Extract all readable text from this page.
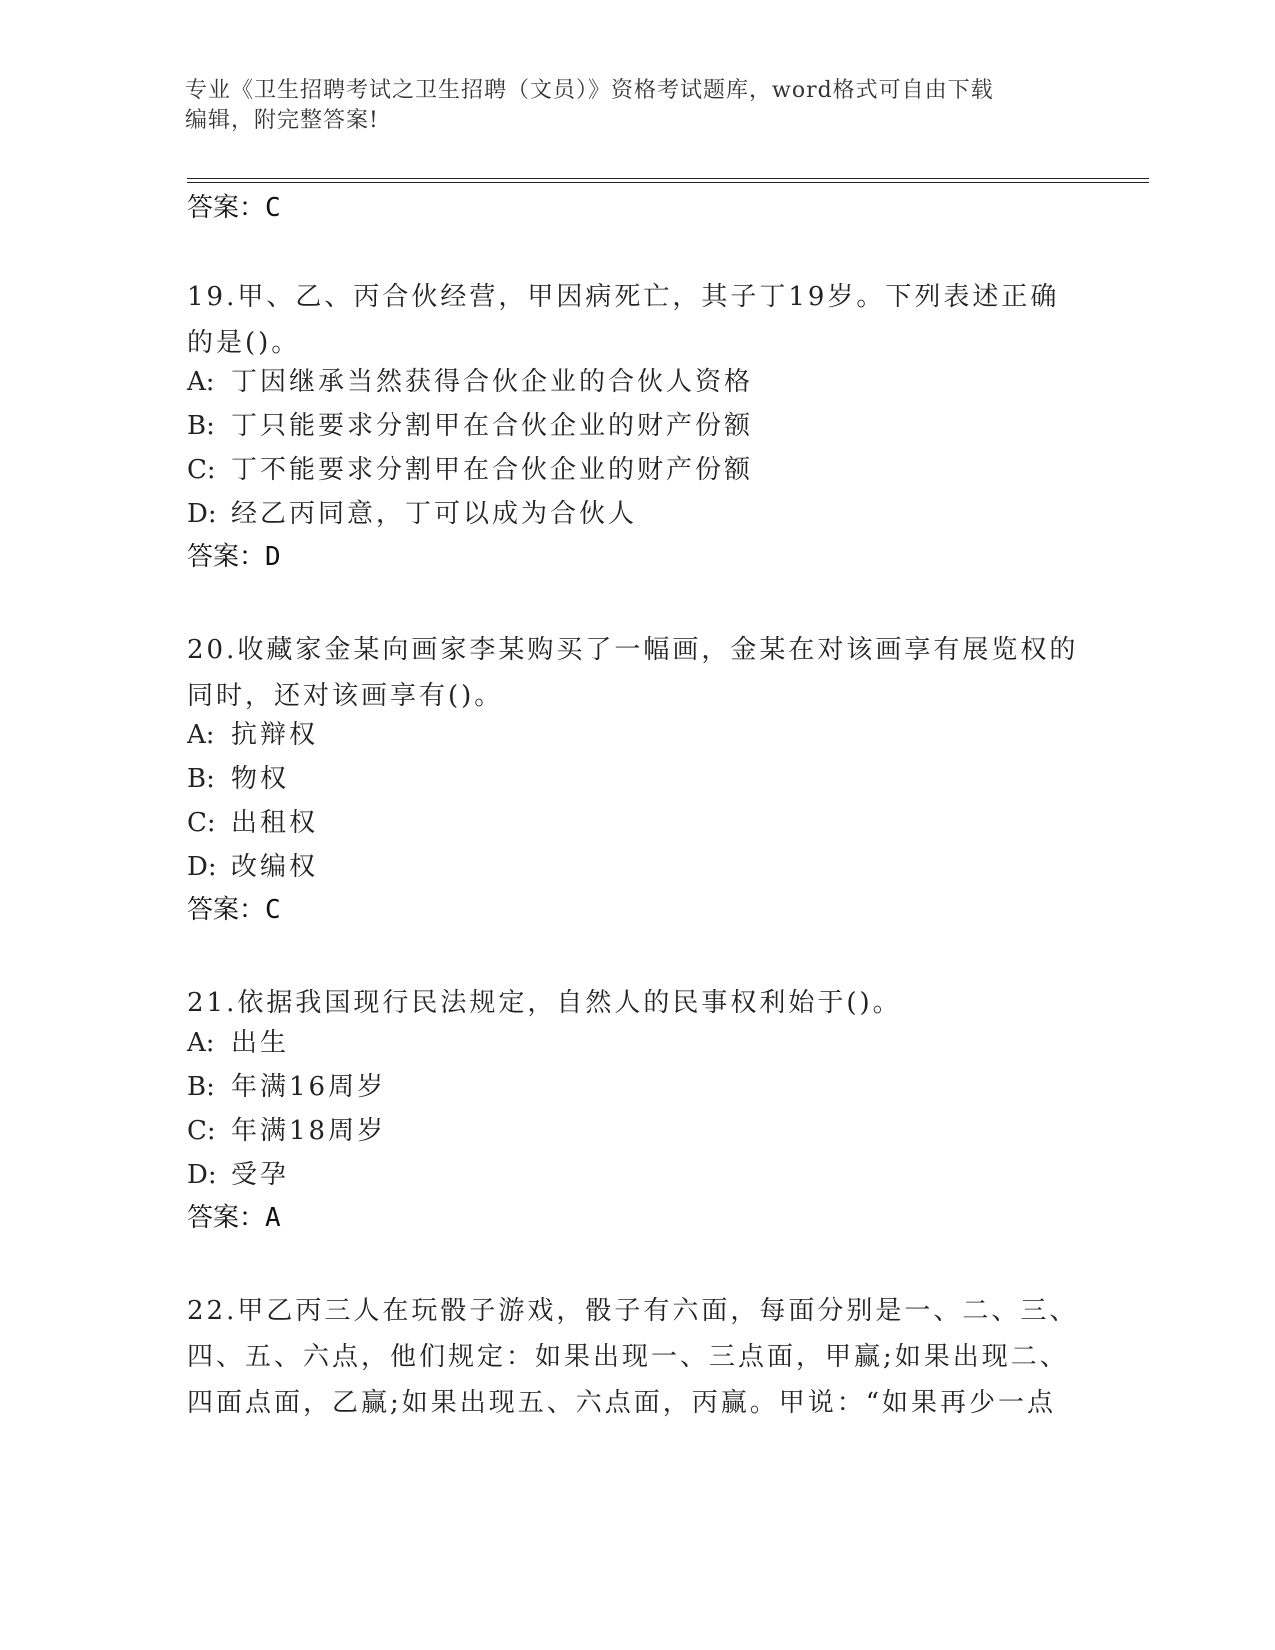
专业《卫生招聘考试之卫生招聘（文员）》资格考试题库，word格式可自由下载
编辑，附完整答案!
答案：C
19.甲、乙、丙合伙经营，甲因病死亡，其子丁19岁。下列表述正确
的是()。
A: 丁因继承当然获得合伙企业的合伙人资格
B: 丁只能要求分割甲在合伙企业的财产份额
C: 丁不能要求分割甲在合伙企业的财产份额
D: 经乙丙同意，丁可以成为合伙人
答案：D
20.收藏家金某向画家李某购买了一幅画，金某在对该画享有展览权的
同时，还对该画享有()。
A: 抗辩权
B: 物权
C: 出租权
D: 改编权
答案：C
21.依据我国现行民法规定，自然人的民事权利始于()。
A: 出生
B: 年满16周岁
C: 年满18周岁
D: 受孕
答案：A
22.甲乙丙三人在玩骰子游戏，骰子有六面，每面分别是一、二、三、
四、五、六点，他们规定：如果出现一、三点面，甲赢;如果出现二、
四面点面，乙赢;如果出现五、六点面，丙赢。甲说：“如果再少一点
